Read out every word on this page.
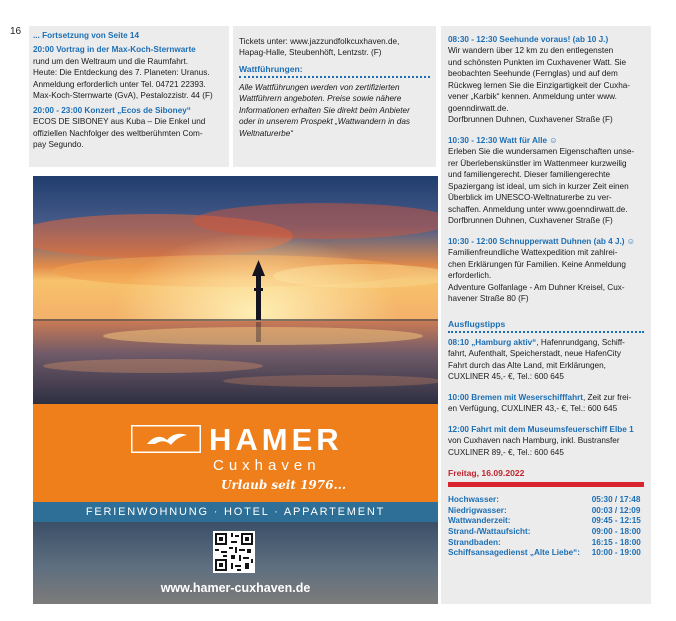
16 ... Fortsetzung von Seite 14

20:00 Vortrag in der Max-Koch-Sternwarte

rund um den Weltraum und die Raumfahrt.

Heute: Die Entdeckung des 7. Planeten: Uranus.

Anmeldung erforderlich unter Tel. 04721 22393.

Max-Koch-Sternwarte (GvA), Pestalozzistr. 44 (F)

20:00 - 23:00 Konzert „Ecos de Siboney“

ECOS DE SIBONEY aus Kuba – Die Enkel und

offiziellen Nachfolger des weltberühmten Com-

pay Segundo.

Tickets unter: www.jazzundfolkcuxhaven.de,

Hapag-Halle, Steubenhöft, Lentzstr. (F)

Wattführungen:

Alle Wattführungen werden von zertifizierten

Wattführern angeboten. Preise sowie nähere

Informationen erhalten Sie direkt beim Anbieter

oder in unserem Prospekt „Wattwandern in das

Weltnaturerbe“

HAMER
Cuxhaven
Urlaub seit 1976...
FERIENWOHNUNG · HOTEL · APPARTEMENT
www.hamer-cuxhaven.de

08:30 - 12:30 Seehunde voraus! (ab 10 J.)

Wir wandern über 12 km zu den entlegensten

und schönsten Punkten im Cuxhavener Watt. Sie

beobachten Seehunde (Fernglas) und auf dem

Rückweg lernen Sie die Einzigartigkeit der Cuxha-

vener „Karbik“ kennen. Anmeldung unter www.

goenndirwatt.de.

Dorfbrunnen Duhnen, Cuxhavener Straße (F)

10:30 - 12:30 Watt für Alle ☺

Erleben Sie die wundersamen Eigenschaften unse-

rer Überlebenskünstler im Wattenmeer kurzweilig

und familiengerecht. Dieser familiengerechte

Spaziergang ist ideal, um sich in kurzer Zeit einen

Überblick im UNESCO-Weltnaturerbe zu ver-

schaffen. Anmeldung unter www.goenndirwatt.de.

Dorfbrunnen Duhnen, Cuxhavener Straße (F)

10:30 - 12:00 Schnupperwatt Duhnen (ab 4 J.) ☺

Familienfreundliche Wattexpedition mit zahlrei-

chen Erklärungen für Familien. Keine Anmeldung

erforderlich.

Adventure Golfanlage - Am Duhner Kreisel, Cux-

havener Straße 80 (F)

Ausflugstipps

08:10 „Hamburg aktiv“, Hafenrundgang, Schiff-

fahrt, Aufenthalt, Speicherstadt, neue HafenCity

Fahrt durch das Alte Land, mit Erklärungen,

CUXLINER 45,- €, Tel.: 600 645

10:00 Bremen mit Weserschifffahrt, Zeit zur frei-

en Verfügung, CUXLINER 43,- €, Tel.: 600 645

12:00 Fahrt mit dem Museumsfeuerschiff Elbe 1

von Cuxhaven nach Hamburg, inkl. Bustransfer

CUXLINER 89,- €, Tel.: 600 645

Freitag, 16.09.2022
Hochwasser:	05:30 / 17:48
Niedrigwasser:	00:03 / 12:09
Wattwanderzeit:	09:45 - 12:15
Strand-/Wattaufsicht:	09:00 - 18:00
Strandbaden:	16:15 - 18:00
Schiffsansagedienst „Alte Liebe“:	10:00 - 19:00
